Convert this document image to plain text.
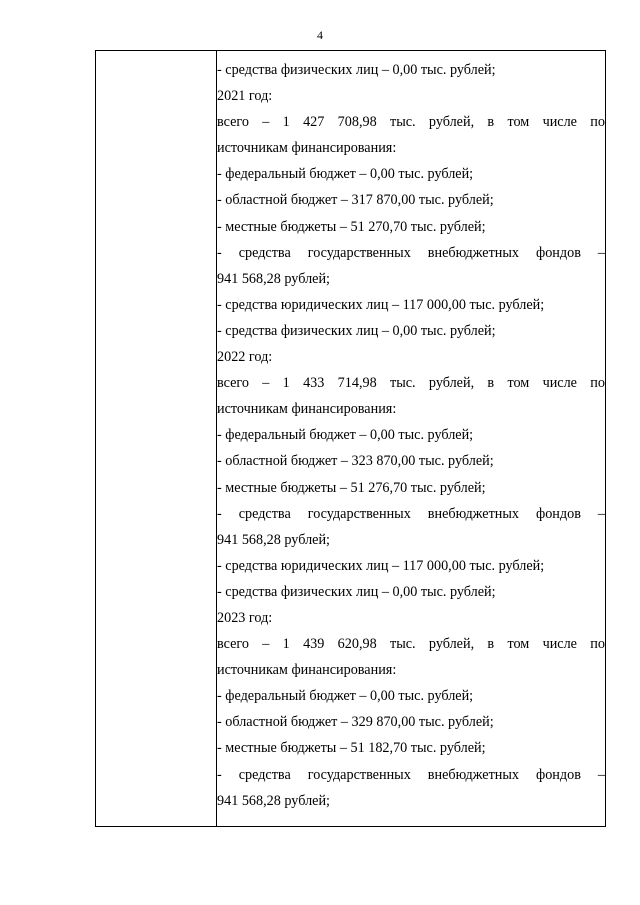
4
- средства физических лиц – 0,00 тыс. рублей;
2021 год:
всего – 1 427 708,98 тыс. рублей, в том числе по
источникам финансирования:
- федеральный бюджет – 0,00 тыс. рублей;
- областной бюджет – 317 870,00 тыс. рублей;
- местные бюджеты – 51 270,70 тыс. рублей;
- средства государственных внебюджетных фондов –
941 568,28 рублей;
- средства юридических лиц – 117 000,00 тыс. рублей;
- средства физических лиц – 0,00 тыс. рублей;
2022 год:
всего – 1 433 714,98 тыс. рублей, в том числе по
источникам финансирования:
- федеральный бюджет – 0,00 тыс. рублей;
- областной бюджет – 323 870,00 тыс. рублей;
- местные бюджеты – 51 276,70 тыс. рублей;
- средства государственных внебюджетных фондов –
941 568,28 рублей;
- средства юридических лиц – 117 000,00 тыс. рублей;
- средства физических лиц – 0,00 тыс. рублей;
2023 год:
всего – 1 439 620,98 тыс. рублей, в том числе по
источникам финансирования:
- федеральный бюджет – 0,00 тыс. рублей;
- областной бюджет – 329 870,00 тыс. рублей;
- местные бюджеты – 51 182,70 тыс. рублей;
- средства государственных внебюджетных фондов –
941 568,28 рублей;
